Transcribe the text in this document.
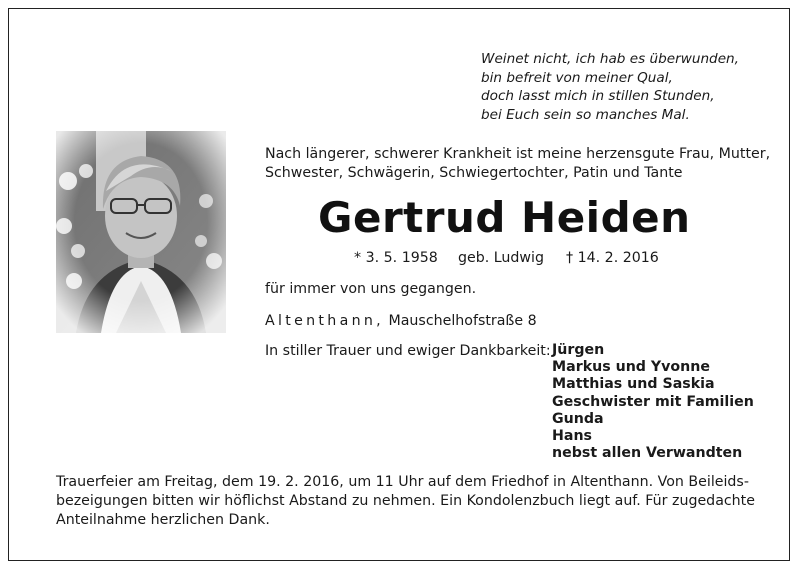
Weinet nicht, ich hab es überwunden,
bin befreit von meiner Qual,
doch lasst mich in stillen Stunden,
bei Euch sein so manches Mal.
Nach längerer, schwerer Krankheit ist meine herzensgute Frau, Mutter,
Schwester, Schwägerin, Schwiegertochter, Patin und Tante
Gertrud Heiden
* 3. 5. 1958 geb. Ludwig † 14. 2. 2016
für immer von uns gegangen.
Altenthann, Mauschelhofstraße 8
In stiller Trauer und ewiger Dankbarkeit: Jürgen
Markus und Yvonne
Matthias und Saskia
Geschwister mit Familien
Gunda
Hans
nebst allen Verwandten
Trauerfeier am Freitag, dem 19. 2. 2016, um 11 Uhr auf dem Friedhof in Altenthann. Von Beileids-
bezeigungen bitten wir höflichst Abstand zu nehmen. Ein Kondolenzbuch liegt auf. Für zugedachte
Anteilnahme herzlichen Dank.
